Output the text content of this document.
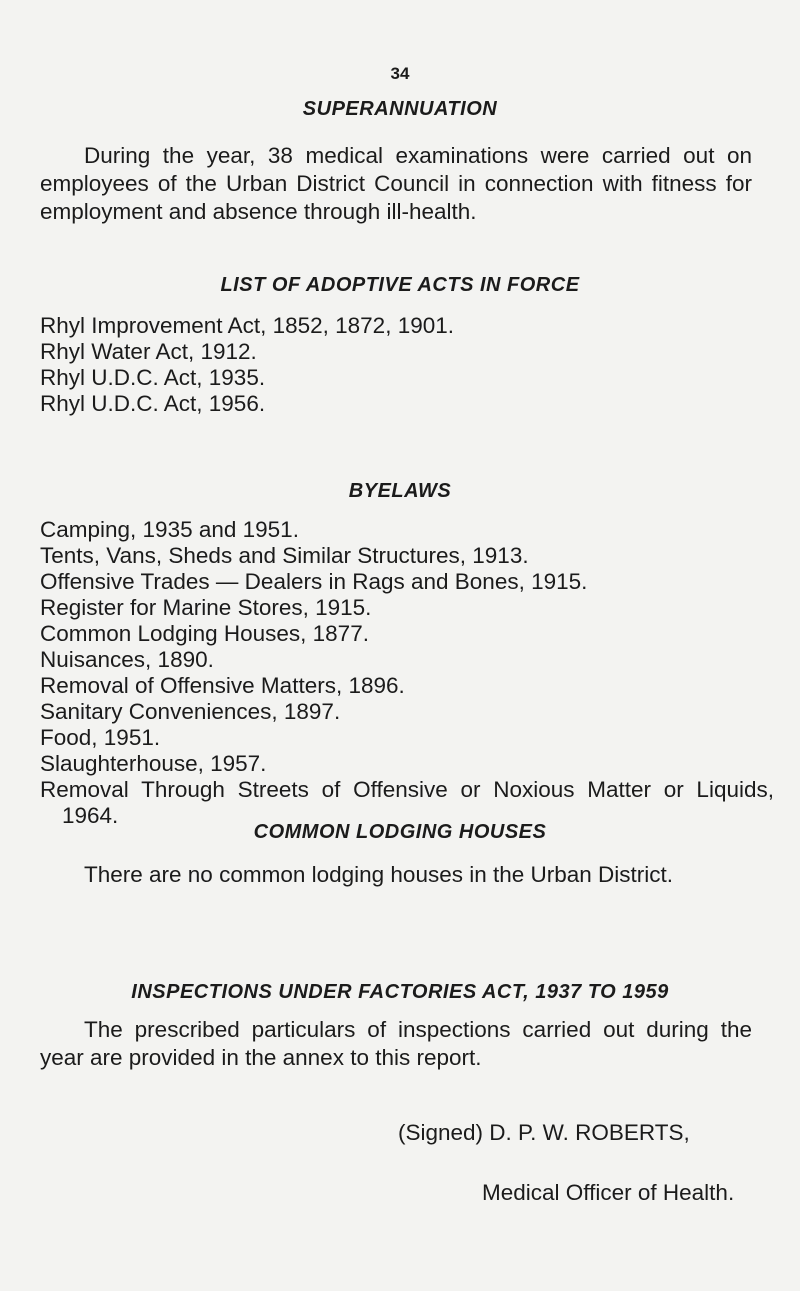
34
SUPERANNUATION

During the year, 38 medical examinations were carried out on employees of the Urban District Council in connection with fitness for employment and absence through ill-health.

LIST OF ADOPTIVE ACTS IN FORCE
Rhyl Improvement Act, 1852, 1872, 1901.
Rhyl Water Act, 1912.
Rhyl U.D.C. Act, 1935.
Rhyl U.D.C. Act, 1956.
BYELAWS
Camping, 1935 and 1951.
Tents, Vans, Sheds and Similar Structures, 1913.
Offensive Trades — Dealers in Rags and Bones, 1915.
Register for Marine Stores, 1915.
Common Lodging Houses, 1877.
Nuisances, 1890.
Removal of Offensive Matters, 1896.
Sanitary Conveniences, 1897.
Food, 1951.
Slaughterhouse, 1957.
Removal Through Streets of Offensive or Noxious Matter or Liquids, 1964.
COMMON LODGING HOUSES

There are no common lodging houses in the Urban District.

INSPECTIONS UNDER FACTORIES ACT, 1937 TO 1959

The prescribed particulars of inspections carried out during the year are provided in the annex to this report.

(Signed) D. P. W. ROBERTS,
Medical Officer of Health.
